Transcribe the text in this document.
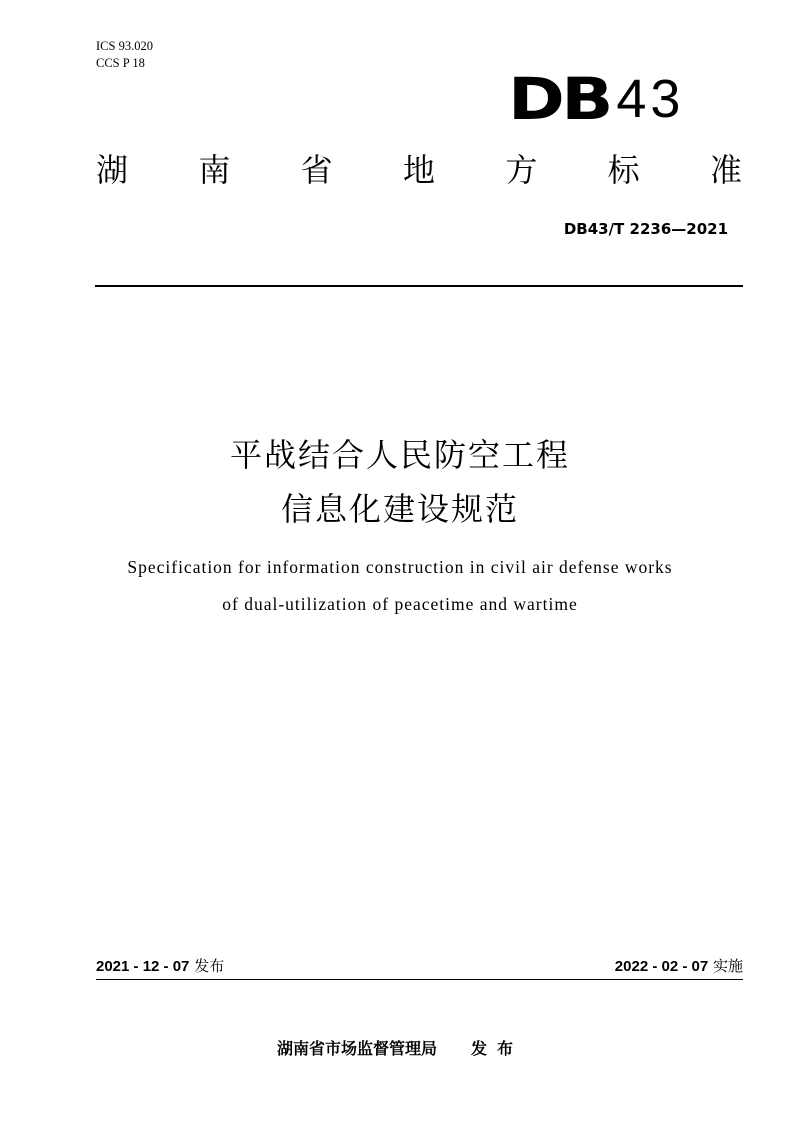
ICS 93.020
CCS P 18
DB 43
湖 南 省 地 方 标 准
DB43/T 2236—2021
平战结合人民防空工程
信息化建设规范
Specification for information construction in civil air defense works
of dual-utilization of peacetime and wartime
2021 - 12 - 07 发布	2022 - 02 - 07 实施
湖南省市场监督管理局 发布
